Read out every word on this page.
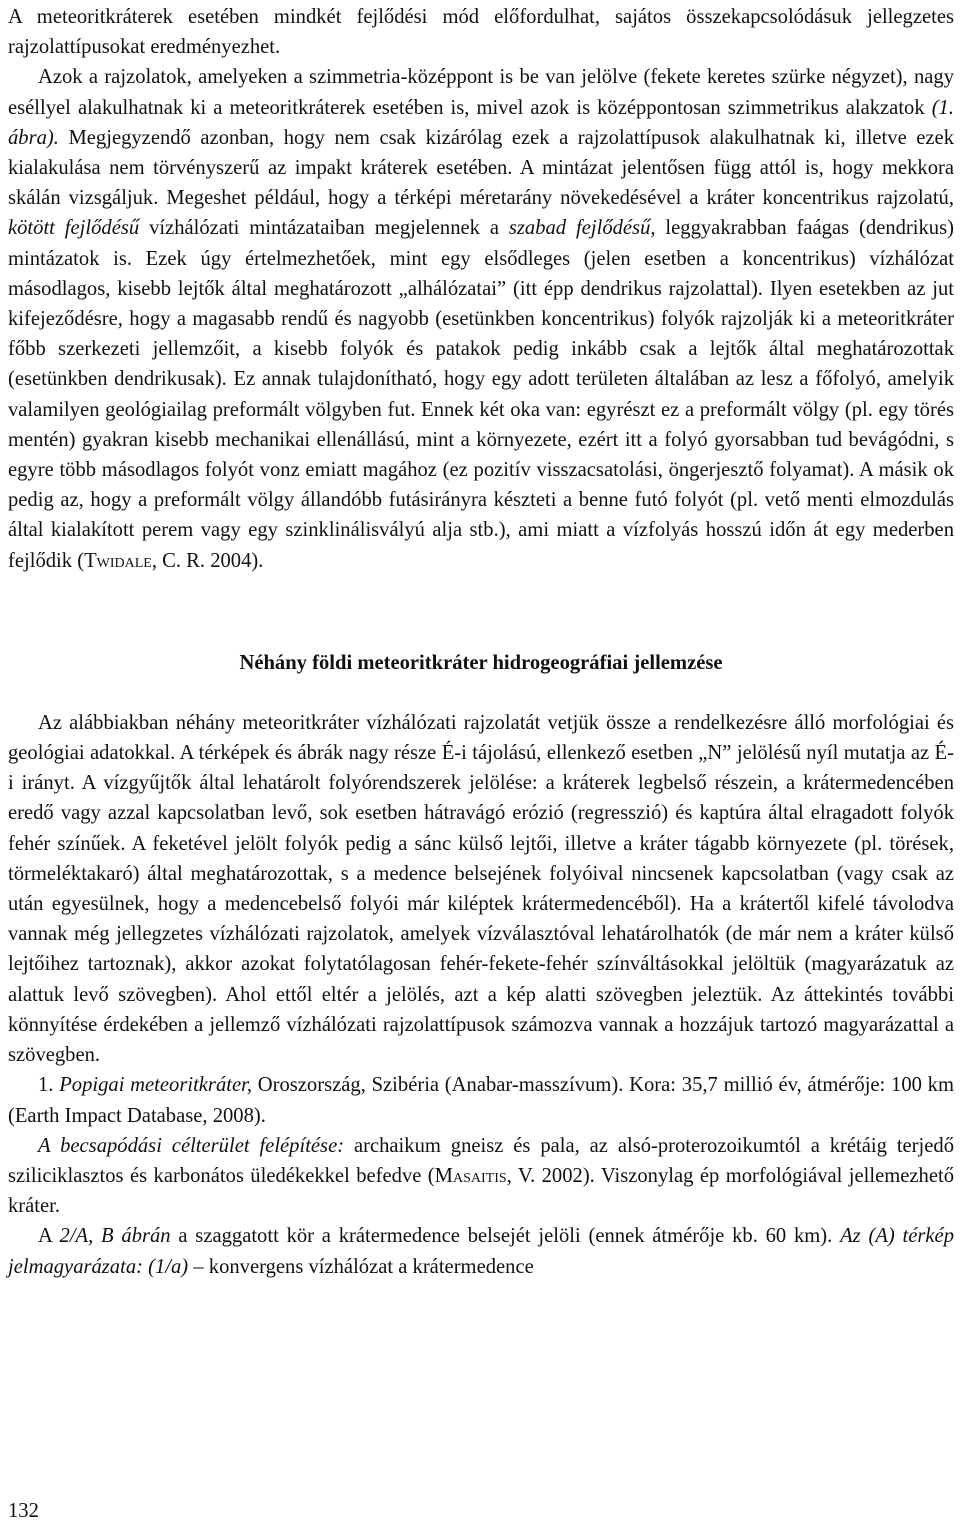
A meteoritkráterek esetében mindkét fejlődési mód előfordulhat, sajátos összekapcsolódásuk jellegzetes rajzolattípusokat eredményezhet.

Azok a rajzolatok, amelyeken a szimmetria-középpont is be van jelölve (fekete keretes szürke négyzet), nagy eséllyel alakulhatnak ki a meteoritkráterek esetében is, mivel azok is középpontosan szimmetrikus alakzatok (1. ábra). Megjegyzendő azonban, hogy nem csak kizárólag ezek a rajzolattípusok alakulhatnak ki, illetve ezek kialakulása nem törvényszerű az impakt kráterek esetében. A mintázat jelentősen függ attól is, hogy mekkora skálán vizsgáljuk. Megeshet például, hogy a térképi méretarány növekedésével a kráter koncentrikus rajzolatú, kötött fejlődésű vízhálózati mintázataiban megjelennek a szabad fejlődésű, leggyakrabban faágas (dendrikus) mintázatok is. Ezek úgy értelmezhetőek, mint egy elsődleges (jelen esetben a koncentrikus) vízhálózat másodlagos, kisebb lejtők által meghatározott „alhálózatai” (itt épp dendrikus rajzolattal). Ilyen esetekben az jut kifejeződésre, hogy a magasabb rendű és nagyobb (esetünkben koncentrikus) folyók rajzolják ki a meteoritkráter főbb szerkezeti jellemzőit, a kisebb folyók és patakok pedig inkább csak a lejtők által meghatározottak (esetünkben dendrikusak). Ez annak tulajdonítható, hogy egy adott területen általában az lesz a főfolyó, amelyik valamilyen geológiailag preformált völgyben fut. Ennek két oka van: egyrészt ez a preformált völgy (pl. egy törés mentén) gyakran kisebb mechanikai ellenállású, mint a környezete, ezért itt a folyó gyorsabban tud bevágódni, s egyre több másodlagos folyót vonz emiatt magához (ez pozitív visszacsatolási, öngerjesztő folyamat). A másik ok pedig az, hogy a preformált völgy állandóbb futásirányra készteti a benne futó folyót (pl. vető menti elmozdulás által kialakított perem vagy egy szinklinálisvályú alja stb.), ami miatt a vízfolyás hosszú időn át egy mederben fejlődik (Twidale, C. R. 2004).

Néhány földi meteoritkráter hidrogeográfiai jellemzése

Az alábbiakban néhány meteoritkráter vízhálózati rajzolatát vetjük össze a rendelkezésre álló morfológiai és geológiai adatokkal. A térképek és ábrák nagy része É-i tájolású, ellenkező esetben „N” jelölésű nyíl mutatja az É-i irányt. A vízgyűjtők által lehatárolt folyórendszerek jelölése: a kráterek legbelső részein, a krátermedencében eredő vagy azzal kapcsolatban levő, sok esetben hátravágó erózió (regresszió) és kaptúra által elragadott folyók fehér színűek. A feketével jelölt folyók pedig a sánc külső lejtői, illetve a kráter tágabb környezete (pl. törések, törmeléktakaró) által meghatározottak, s a medence belsejének folyóival nincsenek kapcsolatban (vagy csak az után egyesülnek, hogy a medencebelső folyói már kiléptek krátermedencéből). Ha a krátertől kifelé távolodva vannak még jellegzetes vízhálózati rajzolatok, amelyek vízválasztóval lehatárolhatók (de már nem a kráter külső lejtőihez tartoznak), akkor azokat folytatólagosan fehér-fekete-fehér színváltásokkal jelöltük (magyarázatuk az alattuk levő szövegben). Ahol ettől eltér a jelölés, azt a kép alatti szövegben jeleztük. Az áttekintés további könnyítése érdekében a jellemző vízhálózati rajzolattípusok számozva vannak a hozzájuk tartozó magyarázattal a szövegben.

1. Popigai meteoritkráter, Oroszország, Szibéria (Anabar-masszívum). Kora: 35,7 millió év, átmérője: 100 km (Earth Impact Database, 2008).

A becsapódási célterület felépítése: archaikum gneisz és pala, az alsó-proterozoikumtól a krétáig terjedő sziliciklasztos és karbonátos üledékekkel befedve (Masaitis, V. 2002). Viszonylag ép morfológiával jellemezhető kráter.

A 2/A, B ábrán a szaggatott kör a krátermedence belsejét jelöli (ennek átmérője kb. 60 km). Az (A) térkép jelmagyarázata: (1/a) – konvergens vízhálózat a krátermedence

132
